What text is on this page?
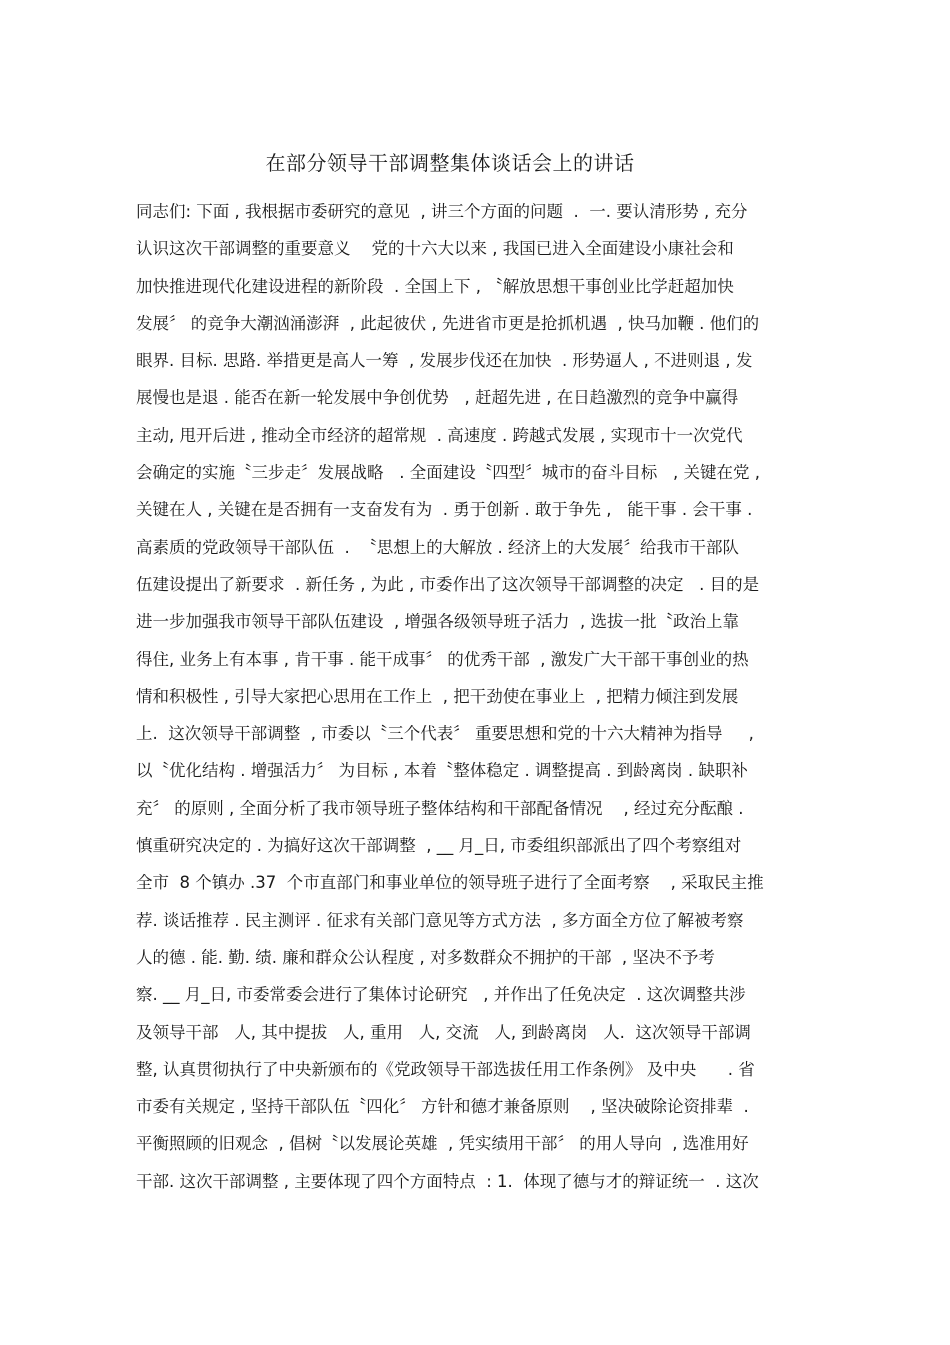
在部分领导干部调整集体谈话会上的讲话
同志们: 下面 , 我根据市委研究的意见  , 讲三个方面的问题  .  一. 要认清形势 , 充分
认识这次干部调整的重要意义    党的十六大以来 , 我国已进入全面建设小康社会和
加快推进现代化建设进程的新阶段  . 全国上下 , 〝解放思想干事创业比学赶超加快
发展〞 的竞争大潮汹涌澎湃  , 此起彼伏 , 先进省市更是抢抓机遇  , 快马加鞭 . 他们的
眼界. 目标. 思路. 举措更是高人一筹  , 发展步伐还在加快  . 形势逼人 , 不进则退 , 发
展慢也是退 . 能否在新一轮发展中争创优势   , 赶超先进 , 在日趋激烈的竞争中赢得
主动, 甩开后进 , 推动全市经济的超常规  . 高速度 . 跨越式发展 , 实现市十一次党代
会确定的实施〝三步走〞发展战略   . 全面建设〝四型〞城市的奋斗目标   , 关键在党 ,
关键在人 , 关键在是否拥有一支奋发有为  . 勇于创新 . 敢于争先 ,   能干事 . 会干事 .
高素质的党政领导干部队伍  .  〝思想上的大解放 . 经济上的大发展〞给我市干部队
伍建设提出了新要求  . 新任务 , 为此 , 市委作出了这次领导干部调整的决定   . 目的是
进一步加强我市领导干部队伍建设  , 增强各级领导班子活力  , 选拔一批〝政治上靠
得住, 业务上有本事 , 肯干事 . 能干成事〞 的优秀干部  , 激发广大干部干事创业的热
情和积极性 , 引导大家把心思用在工作上  , 把干劲使在事业上  , 把精力倾注到发展
上.  这次领导干部调整  , 市委以〝三个代表〞 重要思想和党的十六大精神为指导     ,
以〝优化结构 . 增强活力〞 为目标 , 本着〝整体稳定 . 调整提高 . 到龄离岗 . 缺职补
充〞 的原则 , 全面分析了我市领导班子整体结构和干部配备情况    , 经过充分酝酿 .
慎重研究决定的 . 为搞好这次干部调整  , __ 月_日, 市委组织部派出了四个考察组对
全市  8 个镇办 .37  个市直部门和事业单位的领导班子进行了全面考察    , 采取民主推
荐. 谈话推荐 . 民主测评 . 征求有关部门意见等方式方法  , 多方面全方位了解被考察
人的德 . 能. 勤. 绩. 廉和群众公认程度 , 对多数群众不拥护的干部  , 坚决不予考
察. __ 月_日, 市委常委会进行了集体讨论研究   , 并作出了任免决定  . 这次调整共涉
及领导干部   人, 其中提拔   人, 重用   人, 交流   人, 到龄离岗   人.  这次领导干部调
整, 认真贯彻执行了中央新颁布的《党政领导干部选拔任用工作条例》 及中央      . 省
市委有关规定 , 坚持干部队伍〝四化〞 方针和德才兼备原则    , 坚决破除论资排辈  .
平衡照顾的旧观念  , 倡树〝以发展论英雄  , 凭实绩用干部〞 的用人导向  , 选准用好
干部. 这次干部调整 , 主要体现了四个方面特点  : 1.  体现了德与才的辩证统一  . 这次
